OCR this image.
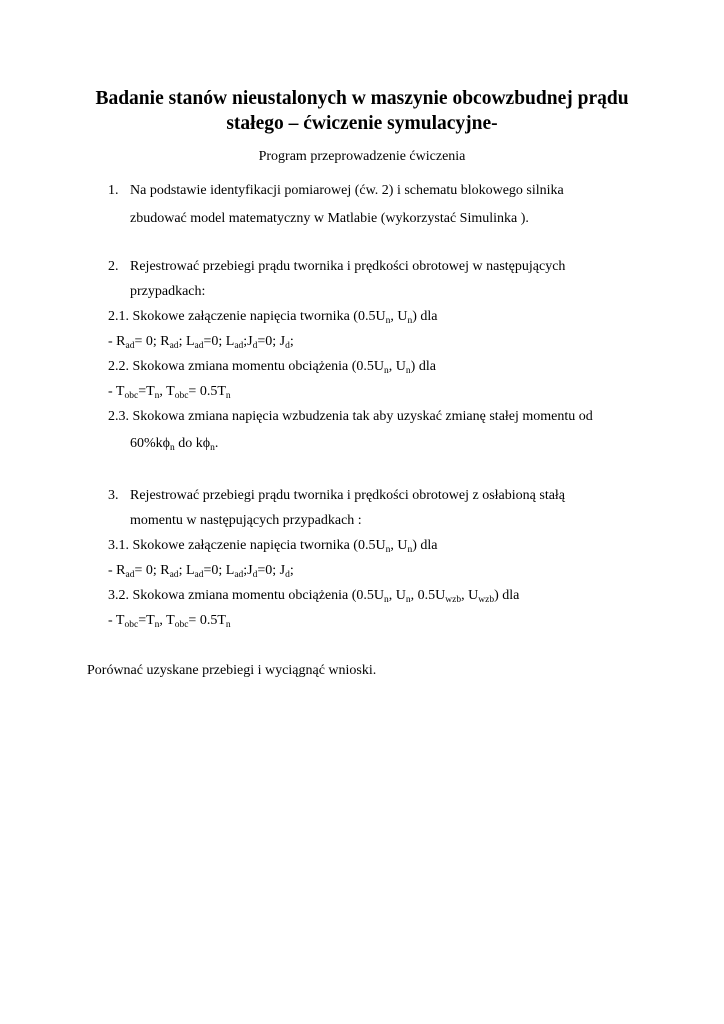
Badanie stanów nieustalonych w maszynie obcowzbudnej prądu
stałego – ćwiczenie symulacyjne-
Program przeprowadzenie ćwiczenia
1. Na podstawie identyfikacji pomiarowej (ćw. 2) i schematu blokowego silnika
zbudować model matematyczny w Matlabie (wykorzystać Simulinka ).
2. Rejestrować przebiegi prądu twornika i prędkości obrotowej w następujących
przypadkach:
2.1. Skokowe załączenie napięcia twornika ($0.5U_n$, $U_n$) dla
- $R_{ad}= 0$; $R_{ad}$; $L_{ad}=0$; $L_{ad};J_d=0$; $J_d$;
2.2. Skokowa zmiana momentu obciążenia ($0.5U_n$, $U_n$) dla
- $T_{obc}=T_n$, $T_{obc}= 0.5T_n$
2.3. Skokowa zmiana napięcia wzbudzenia tak aby uzyskać zmianę stałej momentu od
$60\%k\phi_n$ do $k\phi_n$.
3. Rejestrować przebiegi prądu twornika i prędkości obrotowej z osłabioną stałą
momentu w następujących przypadkach :
3.1. Skokowe załączenie napięcia twornika ($0.5U_n$, $U_n$) dla
- $R_{ad}= 0$; $R_{ad}$; $L_{ad}=0$; $L_{ad};J_d=0$; $J_d$;
3.2. Skokowa zmiana momentu obciążenia ($0.5U_n$, $U_n$, $0.5U_{wzb}$, $U_{wzb}$) dla
- $T_{obc}=T_n$, $T_{obc}= 0.5T_n$
Porównać uzyskane przebiegi i wyciągnąć wnioski.
